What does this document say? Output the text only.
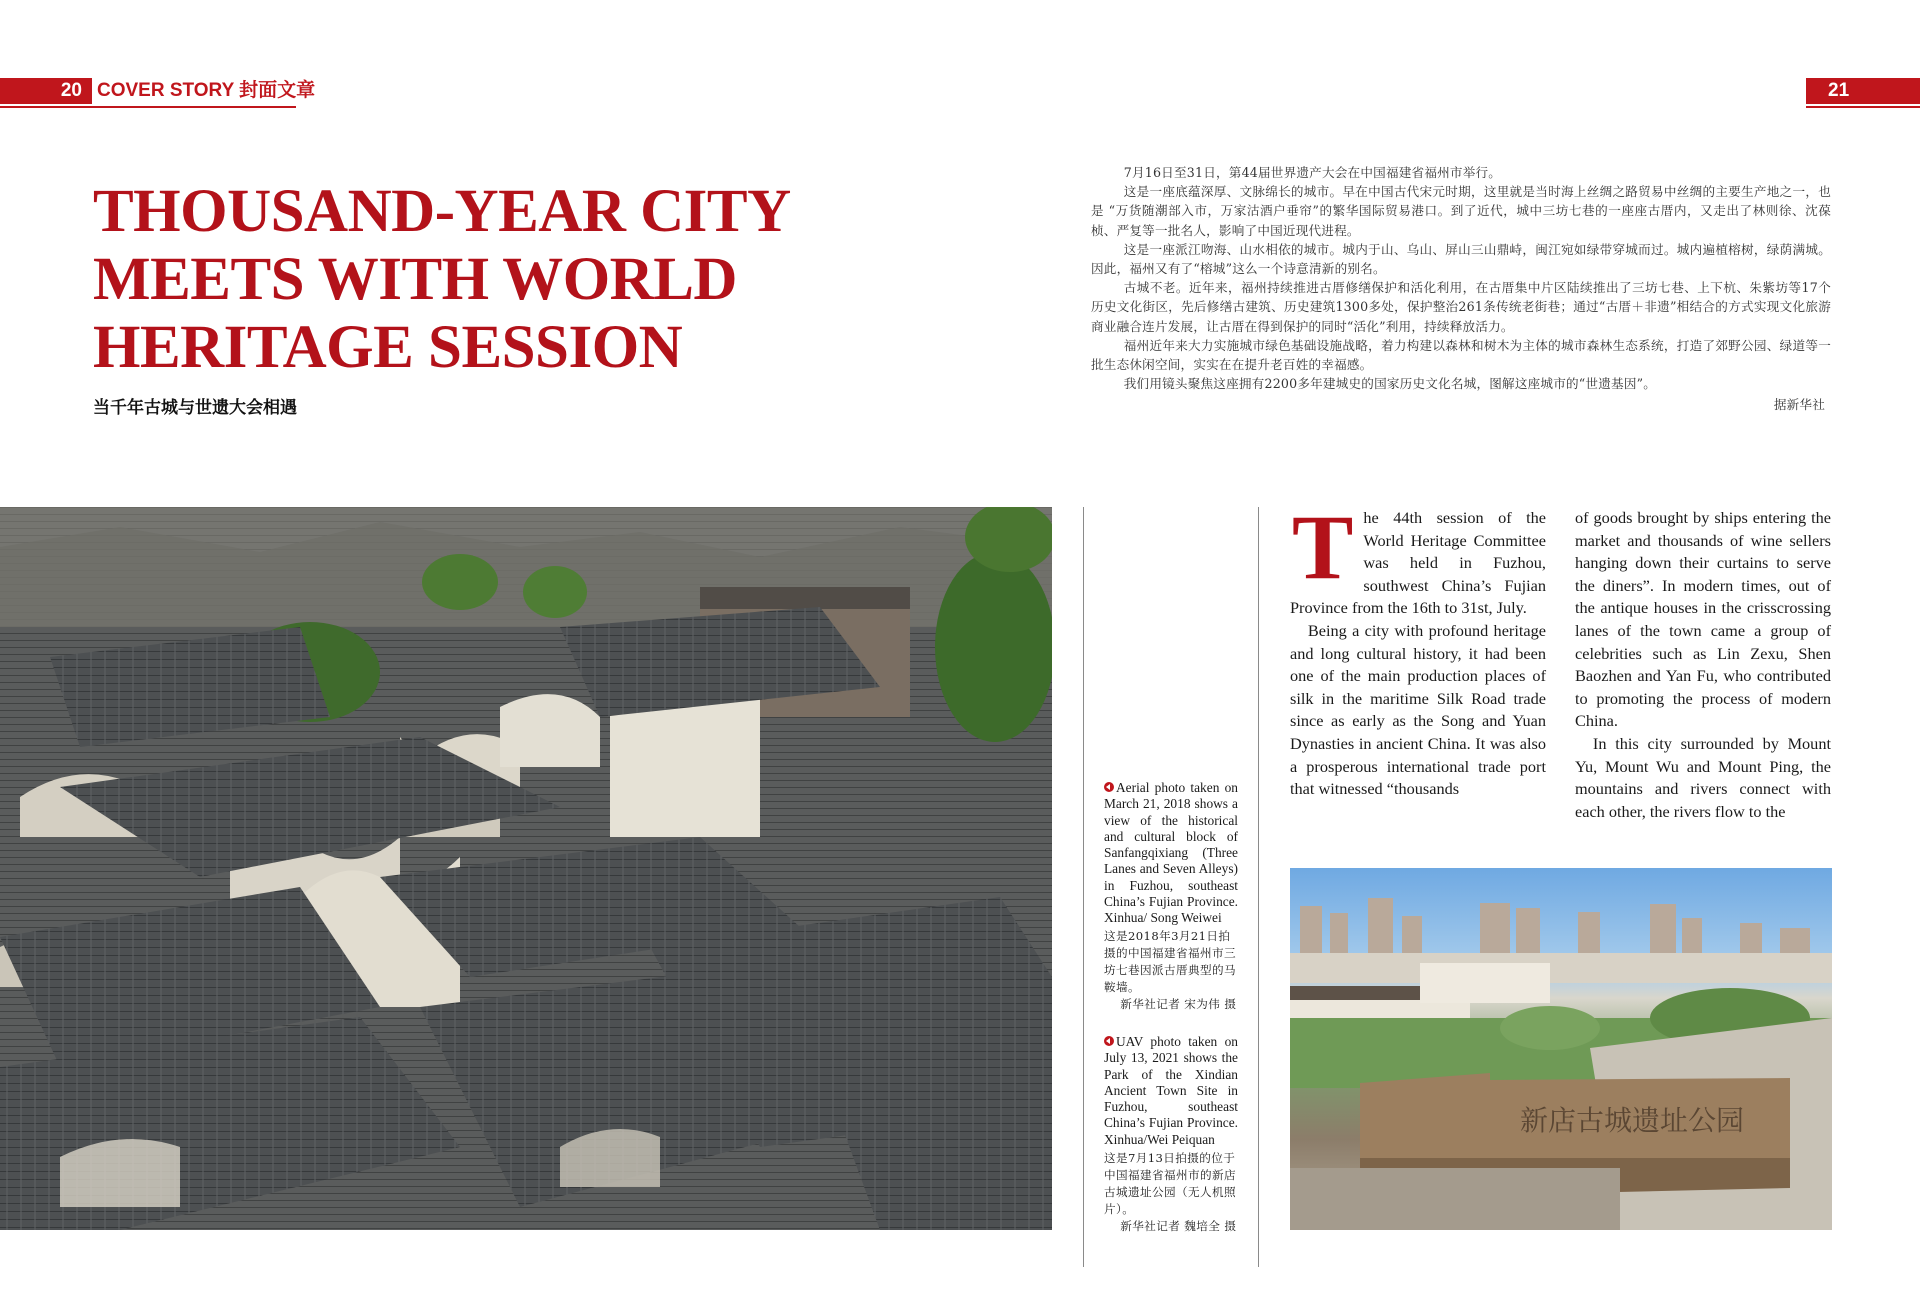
20 COVER STORY 封面文章	21
THOUSAND-YEAR CITY
MEETS WITH WORLD
HERITAGE SESSION
当千年古城与世遗大会相遇

7月16日至31日，第44届世界遗产大会在中国福建省福州市举行。

这是一座底蕴深厚、文脉绵长的城市。早在中国古代宋元时期，这里就是当时海上丝绸之路贸易中丝绸的主要生产地之一，也是 “万货随潮部入市，万家沽酒户垂帘”的繁华国际贸易港口。到了近代，城中三坊七巷的一座座古厝内，又走出了林则徐、沈葆桢、严复等一批名人，影响了中国近现代进程。

这是一座派江吻海、山水相依的城市。城内于山、乌山、屏山三山鼎峙，闽江宛如绿带穿城而过。城内遍植榕树，绿荫满城。因此，福州又有了“榕城”这么一个诗意清新的别名。

古城不老。近年来，福州持续推进古厝修缮保护和活化利用，在古厝集中片区陆续推出了三坊七巷、上下杭、朱紫坊等17个历史文化街区，先后修缮古建筑、历史建筑1300多处，保护整治261条传统老街巷；通过“古厝＋非遗”相结合的方式实现文化旅游商业融合连片发展，让古厝在得到保护的同时“活化”利用，持续释放活力。

福州近年来大力实施城市绿色基础设施战略，着力构建以森林和树木为主体的城市森林生态系统，打造了郊野公园、绿道等一批生态休闲空间，实实在在提升老百姓的幸福感。

我们用镜头聚焦这座拥有2200多年建城史的国家历史文化名城，图解这座城市的“世遗基因”。

据新华社

Aerial photo taken on March 21, 2018 shows a view of the historical and cultural block of Sanfangqixiang (Three Lanes and Seven Alleys) in Fuzhou, southeast China’s Fujian Province. Xinhua/ Song Weiwei
这是2018年3月21日拍摄的中国福建省福州市三坊七巷因派古厝典型的马鞍墙。
新华社记者 宋为伟 摄
UAV photo taken on July 13, 2021 shows the Park of the Xindian Ancient Town Site in Fuzhou, southeast China’s Fujian Province. Xinhua/Wei Peiquan
这是7月13日拍摄的位于中国福建省福州市的新店古城遗址公园（无人机照片）。
新华社记者 魏培全 摄
T he 44th session of the World Heritage Committee was held in Fuzhou, southwest China’s Fujian Province from the 16th to 31st, July.

Being a city with profound heritage and long cultural history, it had been one of the main production places of silk in the maritime Silk Road trade since as early as the Song and Yuan Dynasties in ancient China. It was also a prosperous international trade port that witnessed “thousands

of goods brought by ships entering the market and thousands of wine sellers hanging down their curtains to serve the diners”. In modern times, out of the antique houses in the crisscrossing lanes of the town came a group of celebrities such as Lin Zexu, Shen Baozhen and Yan Fu, who contributed to promoting the process of modern China.

In this city surrounded by Mount Yu, Mount Wu and Mount Ping, the mountains and rivers connect with each other, the rivers flow to the

新店古城遗址公园
